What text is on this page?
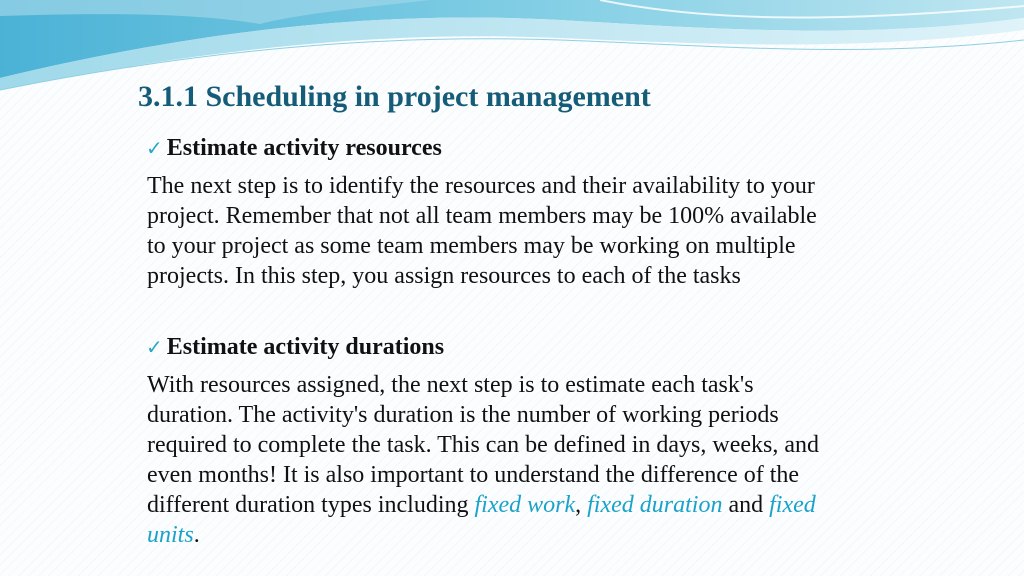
3.1.1 Scheduling in project management
✓ Estimate activity resources
The next step is to identify the resources and their availability to your
project. Remember that not all team members may be 100% available
to your project as some team members may be working on multiple
projects. In this step, you assign resources to each of the tasks
✓ Estimate activity durations
With resources assigned, the next step is to estimate each task's
duration. The activity's duration is the number of working periods
required to complete the task. This can be defined in days, weeks, and
even months! It is also important to understand the difference of the
different duration types including fixed work, fixed duration and fixed
units.
